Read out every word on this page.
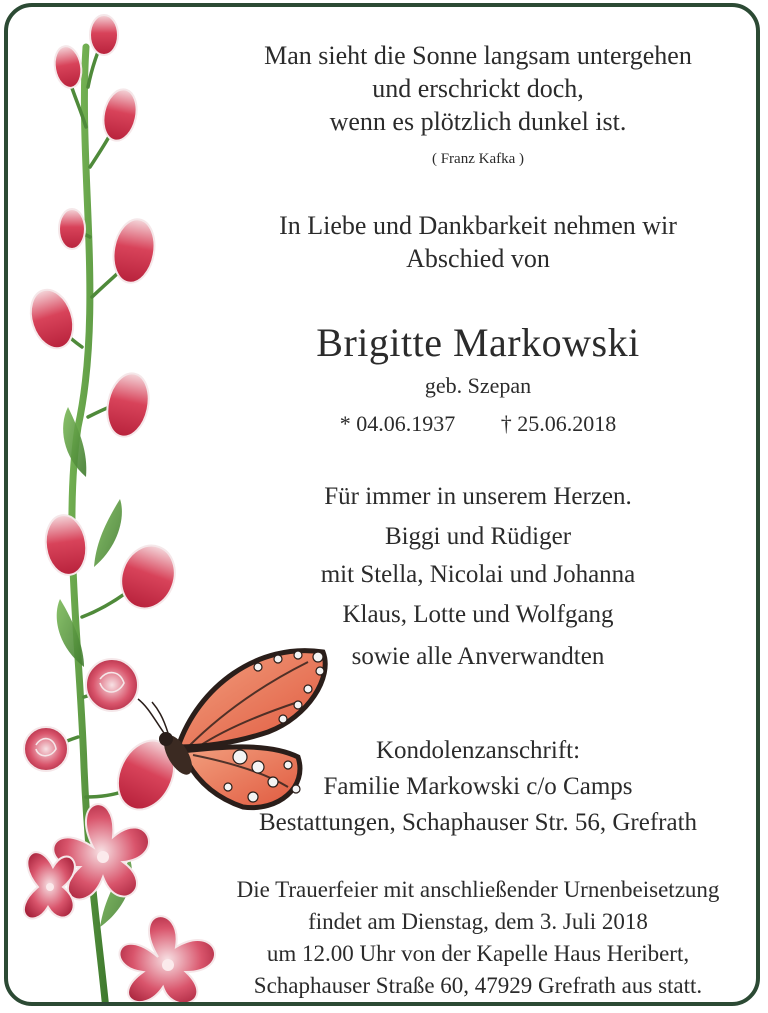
Man sieht die Sonne langsam untergehen
und erschrickt doch,
wenn es plötzlich dunkel ist.
( Franz Kafka )
In Liebe und Dankbarkeit nehmen wir
Abschied von
Brigitte Markowski
geb. Szepan
* 04.06.1937 † 25.06.2018
Für immer in unserem Herzen.
Biggi und Rüdiger
mit Stella, Nicolai und Johanna
Klaus, Lotte und Wolfgang
sowie alle Anverwandten
Kondolenzanschrift:
Familie Markowski c/o Camps
Bestattungen, Schaphauser Str. 56, Grefrath
Die Trauerfeier mit anschließender Urnenbeisetzung
findet am Dienstag, dem 3. Juli 2018
um 12.00 Uhr von der Kapelle Haus Heribert,
Schaphauser Straße 60, 47929 Grefrath aus statt.
